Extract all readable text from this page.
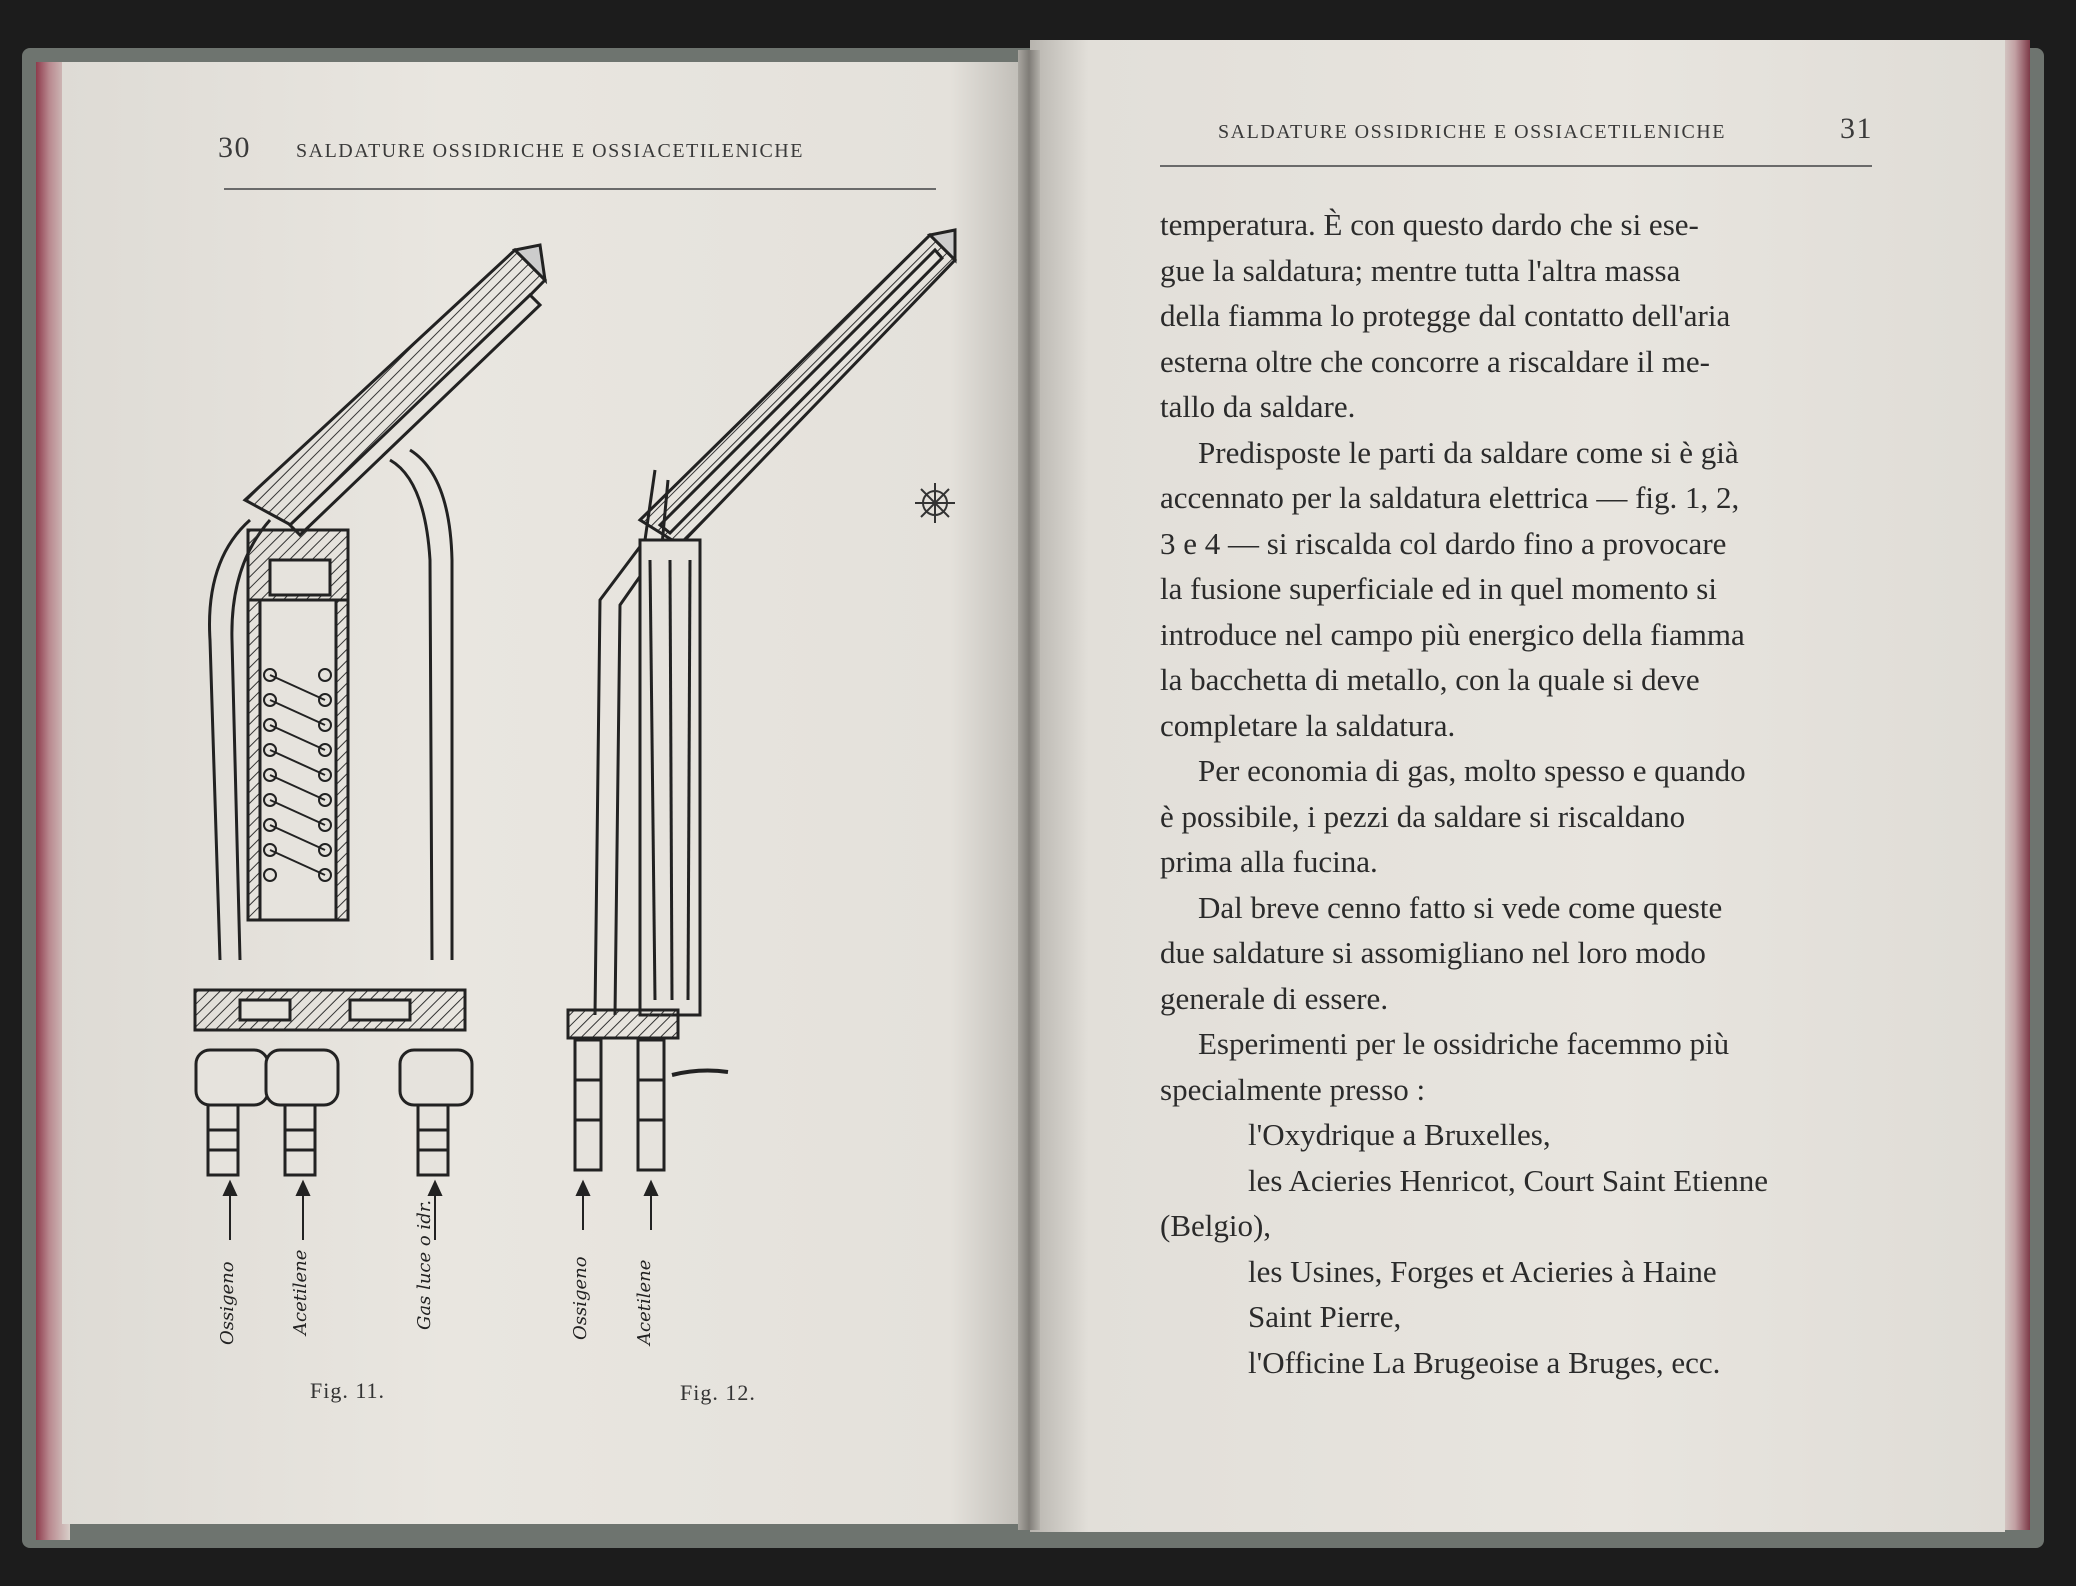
30 SALDATURE OSSIDRICHE E OSSIACETILENICHE
SALDATURE OSSIDRICHE E OSSIACETILENICHE	31
Ossigeno	Acetilene	Gas luce o idr.	Ossigeno Acetilene
Fig. 11.	Fig. 12.

temperatura. È con questo dardo che si ese-

gue la saldatura; mentre tutta l'altra massa

della fiamma lo protegge dal contatto dell'aria

esterna oltre che concorre a riscaldare il me-

tallo da saldare.

Predisposte le parti da saldare come si è già

accennato per la saldatura elettrica — fig. 1, 2,

3 e 4 — si riscalda col dardo fino a provocare

la fusione superficiale ed in quel momento si

introduce nel campo più energico della fiamma

la bacchetta di metallo, con la quale si deve

completare la saldatura.

Per economia di gas, molto spesso e quando

è possibile, i pezzi da saldare si riscaldano

prima alla fucina.

Dal breve cenno fatto si vede come queste

due saldature si assomigliano nel loro modo

generale di essere.

Esperimenti per le ossidriche facemmo più

specialmente presso :

l'Oxydrique a Bruxelles,

les Acieries Henricot, Court Saint Etienne

(Belgio),

les Usines, Forges et Acieries à Haine

Saint Pierre,

l'Officine La Brugeoise a Bruges, ecc.
